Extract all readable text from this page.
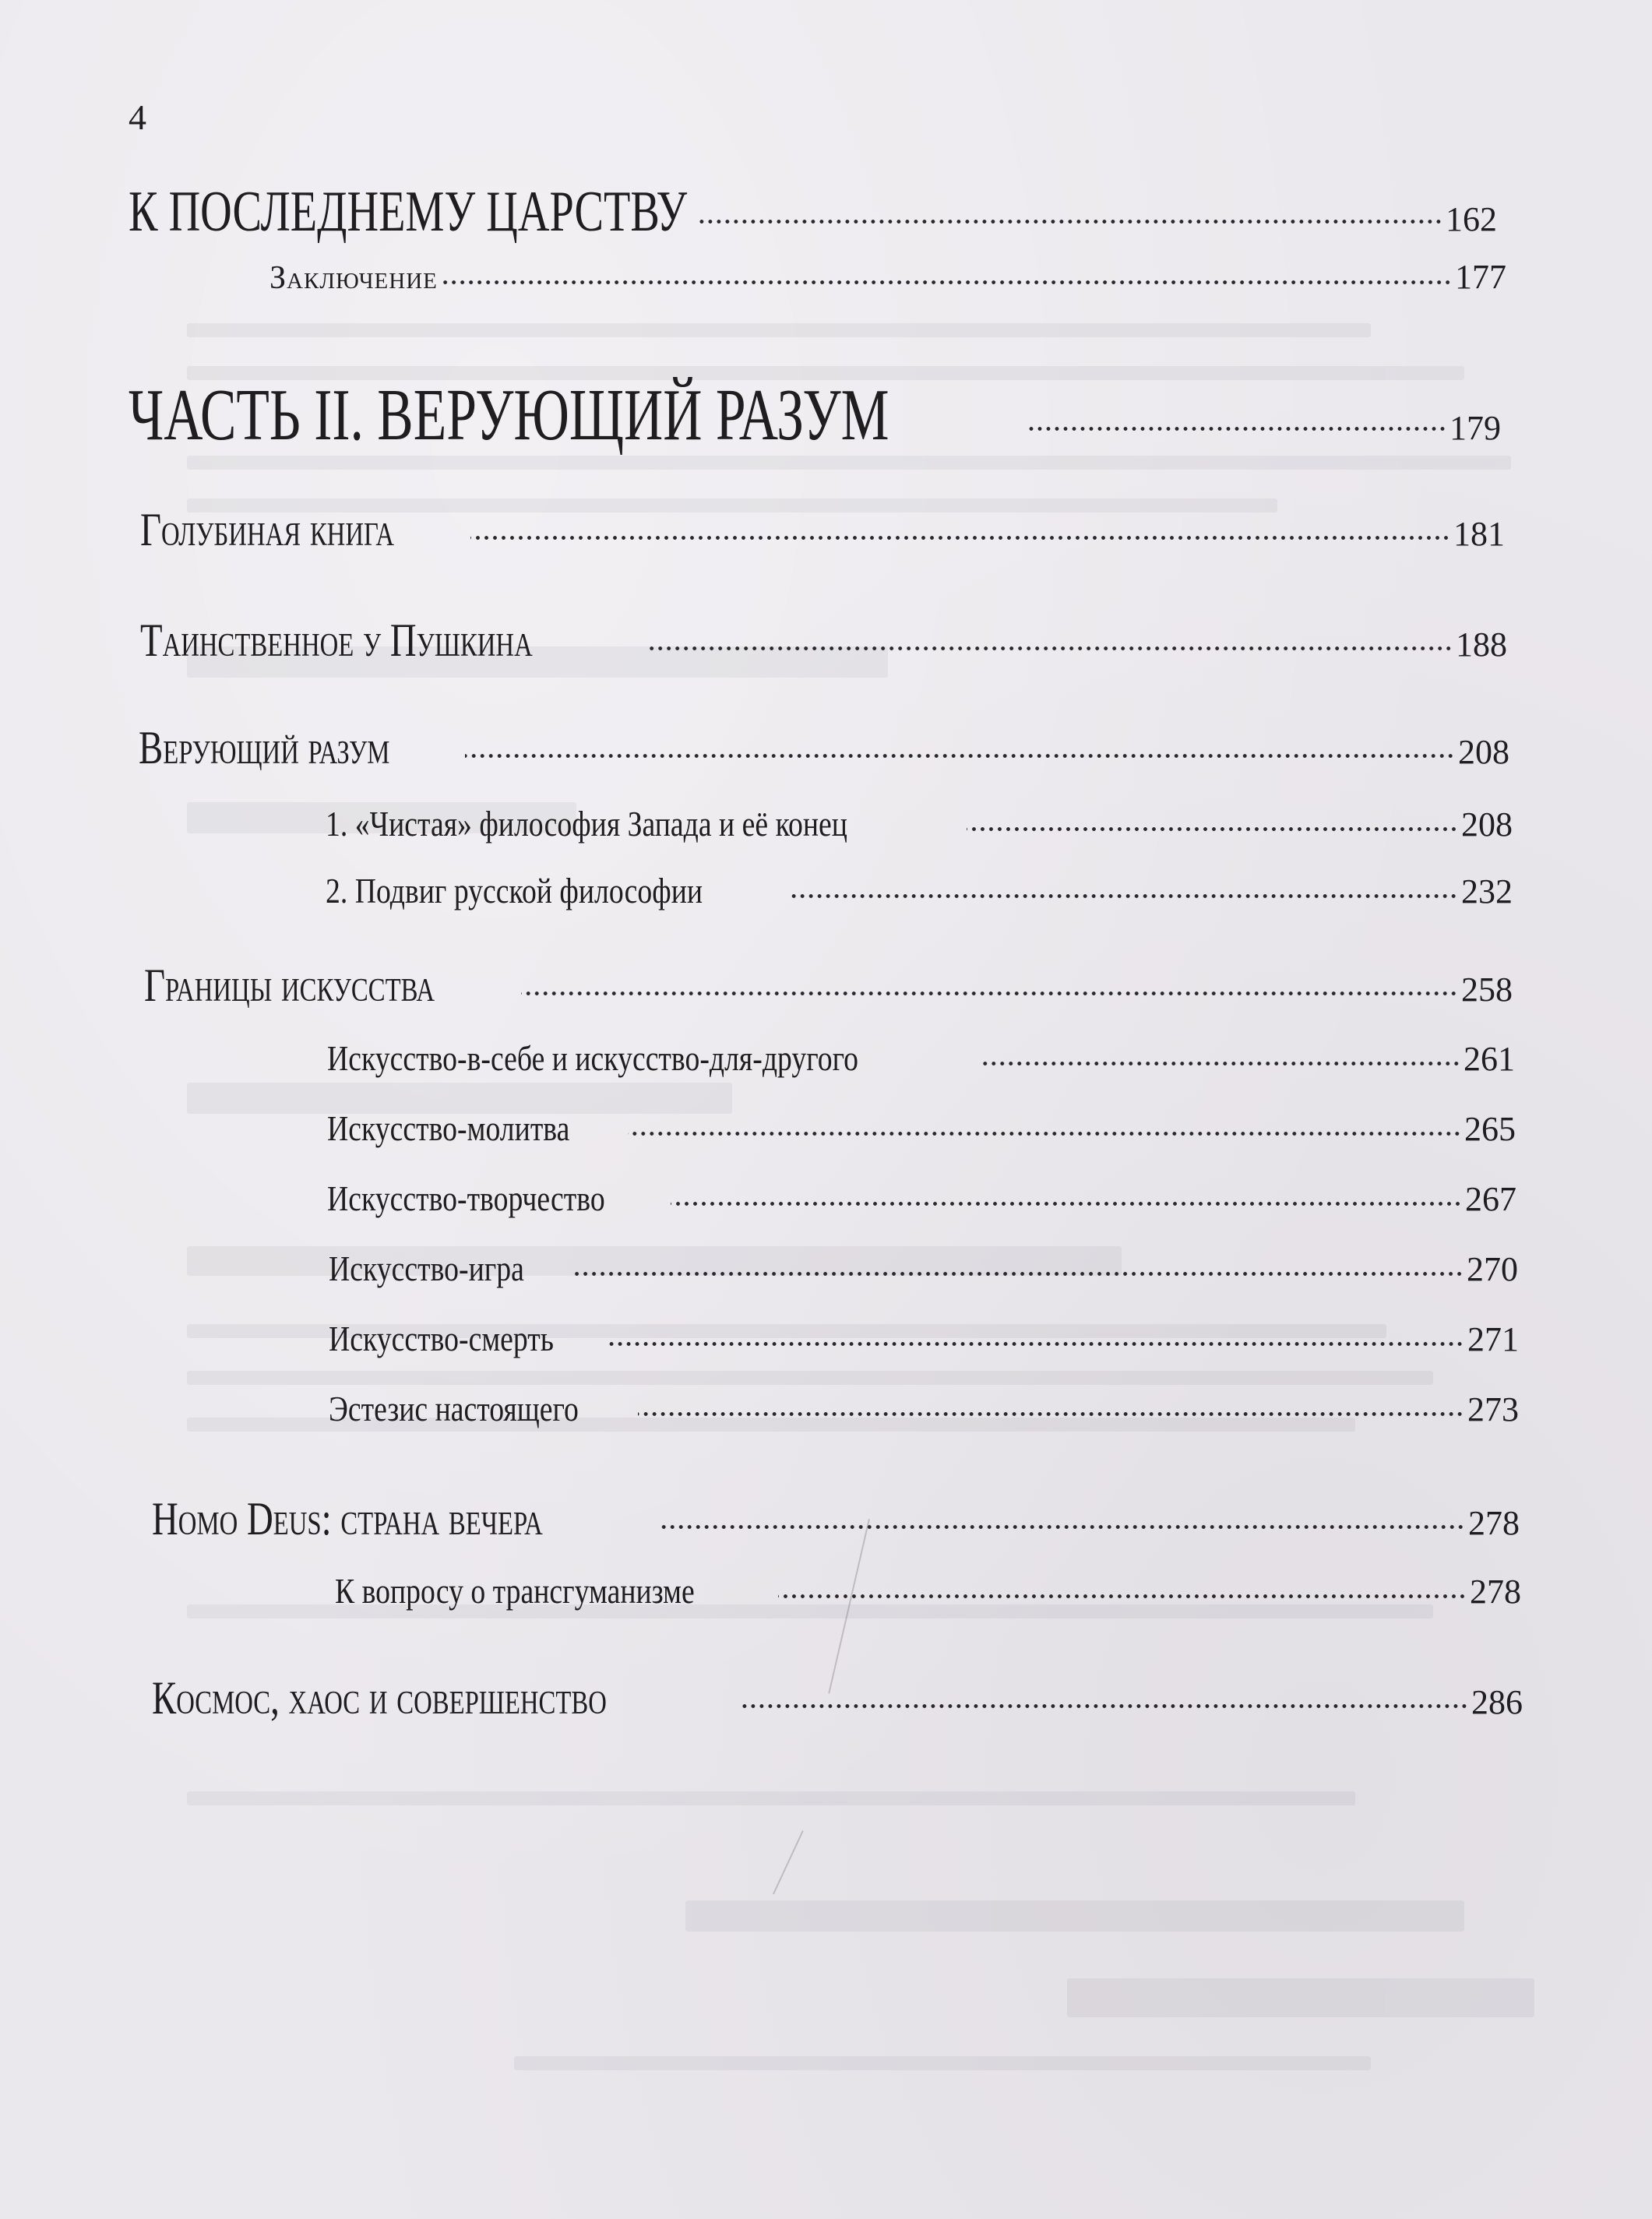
4
К ПОСЛЕДНЕМУ ЦАРСТВУ	162
Заключение	177
ЧАСТЬ II. ВЕРУЮЩИЙ РАЗУМ	179
Голубиная книга	181
Таинственное у Пушкина	188
Верующий разум	208
1. «Чистая» философия Запада и её конец	208
2. Подвиг русской философии	232
Границы искусства	258
Искусство-в-себе и искусство-для-другого	261
Искусство-молитва	265
Искусство-творчество	267
Искусство-игра	270
Искусство-смерть	271
Эстезис настоящего	273
Homo Deus: страна вечера	278
К вопросу о трансгуманизме	278
Космос, хаос и совершенство	286
